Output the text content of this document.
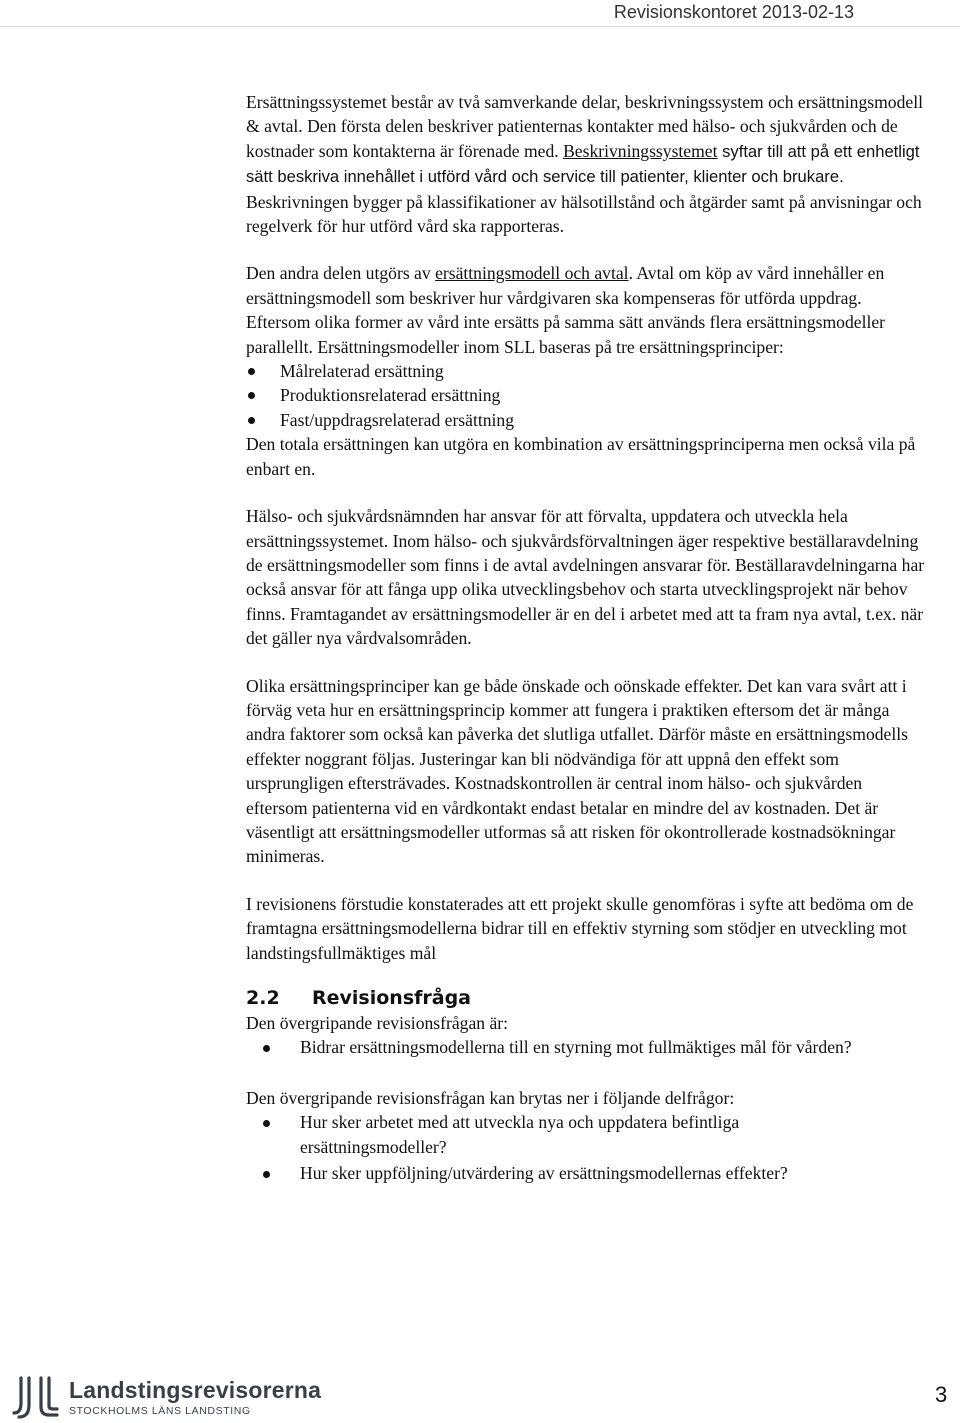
Revisionskontoret 2013-02-13

Ersättningssystemet består av två samverkande delar, beskrivningssystem och ersättningsmodell & avtal. Den första delen beskriver patienternas kontakter med hälso- och sjukvården och de kostnader som kontakterna är förenade med. Beskrivningssystemet syftar till att på ett enhetligt sätt beskriva innehållet i utförd vård och service till patienter, klienter och brukare. Beskrivningen bygger på klassifikationer av hälsotillstånd och åtgärder samt på anvisningar och regelverk för hur utförd vård ska rapporteras.

Den andra delen utgörs av ersättningsmodell och avtal. Avtal om köp av vård innehåller en ersättningsmodell som beskriver hur vårdgivaren ska kompenseras för utförda uppdrag. Eftersom olika former av vård inte ersätts på samma sätt används flera ersättningsmodeller parallellt. Ersättningsmodeller inom SLL baseras på tre ersättningsprinciper:

Målrelaterad ersättning
Produktionsrelaterad ersättning
Fast/uppdragsrelaterad ersättning

Den totala ersättningen kan utgöra en kombination av ersättningsprinciperna men också vila på enbart en.

Hälso- och sjukvårdsnämnden har ansvar för att förvalta, uppdatera och utveckla hela ersättningssystemet. Inom hälso- och sjukvårdsförvaltningen äger respektive beställaravdelning de ersättningsmodeller som finns i de avtal avdelningen ansvarar för. Beställaravdelningarna har också ansvar för att fånga upp olika utvecklingsbehov och starta utvecklingsprojekt när behov finns. Framtagandet av ersättningsmodeller är en del i arbetet med att ta fram nya avtal, t.ex. när det gäller nya vårdvalsområden.

Olika ersättningsprinciper kan ge både önskade och oönskade effekter. Det kan vara svårt att i förväg veta hur en ersättningsprincip kommer att fungera i praktiken eftersom det är många andra faktorer som också kan påverka det slutliga utfallet. Därför måste en ersättningsmodells effekter noggrant följas. Justeringar kan bli nödvändiga för att uppnå den effekt som ursprungligen eftersträvades. Kostnadskontrollen är central inom hälso- och sjukvården eftersom patienterna vid en vårdkontakt endast betalar en mindre del av kostnaden. Det är väsentligt att ersättningsmodeller utformas så att risken för okontrollerade kostnadsökningar minimeras.

I revisionens förstudie konstaterades att ett projekt skulle genomföras i syfte att bedöma om de framtagna ersättningsmodellerna bidrar till en effektiv styrning som stödjer en utveckling mot landstingsfullmäktiges mål

2.2 Revisionsfråga

Den övergripande revisionsfrågan är:

Bidrar ersättningsmodellerna till en styrning mot fullmäktiges mål för vården?

Den övergripande revisionsfrågan kan brytas ner i följande delfrågor:

Hur sker arbetet med att utveckla nya och uppdatera befintliga ersättningsmodeller?
Hur sker uppföljning/utvärdering av ersättningsmodellernas effekter?
Landstingsrevisorerna
STOCKHOLMS LÄNS LANDSTING
3
